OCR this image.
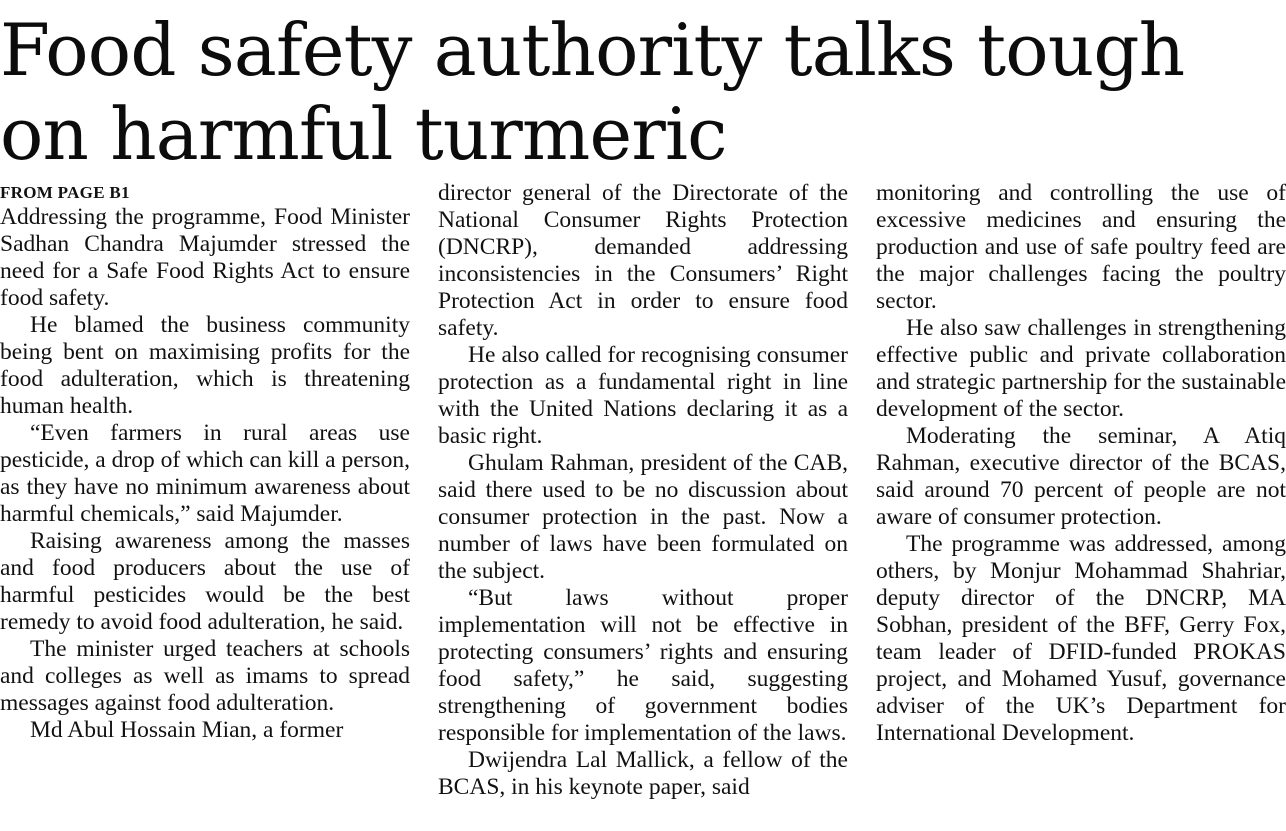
Food safety authority talks tough on harmful turmeric
FROM PAGE B1

Addressing the programme, Food Minister Sadhan Chandra Majumder stressed the need for a Safe Food Rights Act to ensure food safety.

He blamed the business community being bent on maximising profits for the food adulteration, which is threatening human health.

“Even farmers in rural areas use pesticide, a drop of which can kill a person, as they have no minimum awareness about harmful chemicals,” said Majumder.

Raising awareness among the masses and food producers about the use of harmful pesticides would be the best remedy to avoid food adulteration, he said.

The minister urged teachers at schools and colleges as well as imams to spread messages against food adulteration.

Md Abul Hossain Mian, a former

director general of the Directorate of the National Consumer Rights Protection (DNCRP), demanded addressing inconsistencies in the Consumers’ Right Protection Act in order to ensure food safety.

He also called for recognising consumer protection as a fundamental right in line with the United Nations declaring it as a basic right.

Ghulam Rahman, president of the CAB, said there used to be no discussion about consumer protection in the past. Now a number of laws have been formulated on the subject.

“But laws without proper implementation will not be effective in protecting consumers’ rights and ensuring food safety,” he said, suggesting strengthening of government bodies responsible for implementation of the laws.

Dwijendra Lal Mallick, a fellow of the BCAS, in his keynote paper, said

monitoring and controlling the use of excessive medicines and ensuring the production and use of safe poultry feed are the major challenges facing the poultry sector.

He also saw challenges in strengthening effective public and private collaboration and strategic partnership for the sustainable development of the sector.

Moderating the seminar, A Atiq Rahman, executive director of the BCAS, said around 70 percent of people are not aware of consumer protection.

The programme was addressed, among others, by Monjur Mohammad Shahriar, deputy director of the DNCRP, MA Sobhan, president of the BFF, Gerry Fox, team leader of DFID-funded PROKAS project, and Mohamed Yusuf, governance adviser of the UK’s Department for International Development.
